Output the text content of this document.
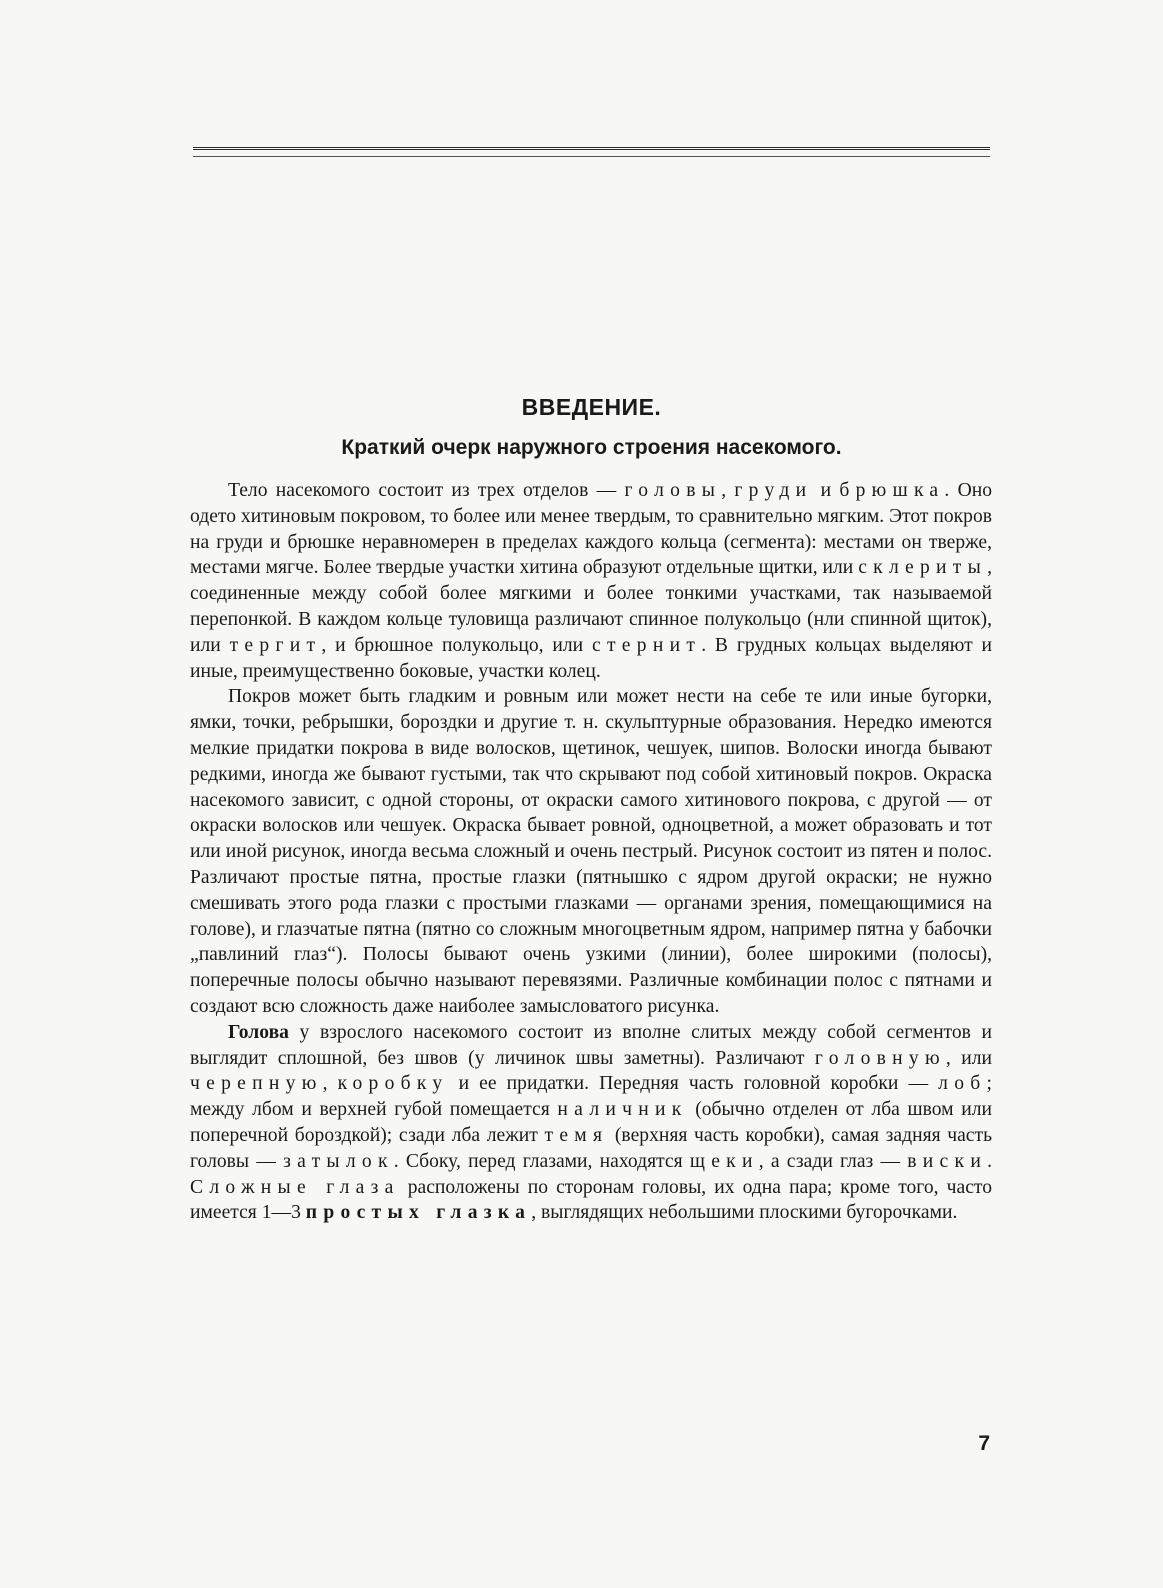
ВВЕДЕНИЕ.
Краткий очерк наружного строения насекомого.

Тело насекомого состоит из трех отделов — головы, груди и брюшка. Оно одето хитиновым покровом, то более или менее твердым, то сравнительно мягким. Этот покров на груди и брюшке неравномерен в пределах каждого кольца (сегмента): местами он тверже, местами мягче. Более твердые участки хитина образуют отдельные щитки, или склериты, соединенные между собой более мягкими и более тонкими участками, так называемой перепонкой. В каждом кольце туловища различают спинное полукольцо (нли спинной щиток), или тергит, и брюшное полукольцо, или стернит. В грудных кольцах выделяют и иные, преимущественно боковые, участки колец.

Покров может быть гладким и ровным или может нести на себе те или иные бугорки, ямки, точки, ребрышки, бороздки и другие т. н. скульптурные образования. Нередко имеются мелкие придатки покрова в виде волосков, щетинок, чешуек, шипов. Волоски иногда бывают редкими, иногда же бывают густыми, так что скрывают под собой хитиновый покров. Окраска насекомого зависит, с одной стороны, от окраски самого хитинового покрова, с другой — от окраски волосков или чешуек. Окраска бывает ровной, одноцветной, а может образовать и тот или иной рисунок, иногда весьма сложный и очень пестрый. Рисунок состоит из пятен и полос. Различают простые пятна, простые глазки (пятнышко с ядром другой окраски; не нужно смешивать этого рода глазки с простыми глазками — органами зрения, помещающимися на голове), и глазчатые пятна (пятно со сложным многоцветным ядром, например пятна у бабочки „павлиний глаз“). Полосы бывают очень узкими (линии), более широкими (полосы), поперечные полосы обычно называют перевязями. Различные комбинации полос с пятнами и создают всю сложность даже наиболее замысловатого рисунка.

Голова у взрослого насекомого состоит из вполне слитых между собой сегментов и выглядит сплошной, без швов (у личинок швы заметны). Различают головную, или черепную, коробку и ее придатки. Передняя часть головной коробки — лоб; между лбом и верхней губой помещается наличник (обычно отделен от лба швом или поперечной бороздкой); сзади лба лежит темя (верхняя часть коробки), самая задняя часть головы — затылок. Сбоку, перед глазами, находятся щеки, а сзади глаз — виски. Сложные глаза расположены по сторонам головы, их одна пара; кроме того, часто имеется 1—3 простых глазка, выглядящих небольшими плоскими бугорочками.

7
